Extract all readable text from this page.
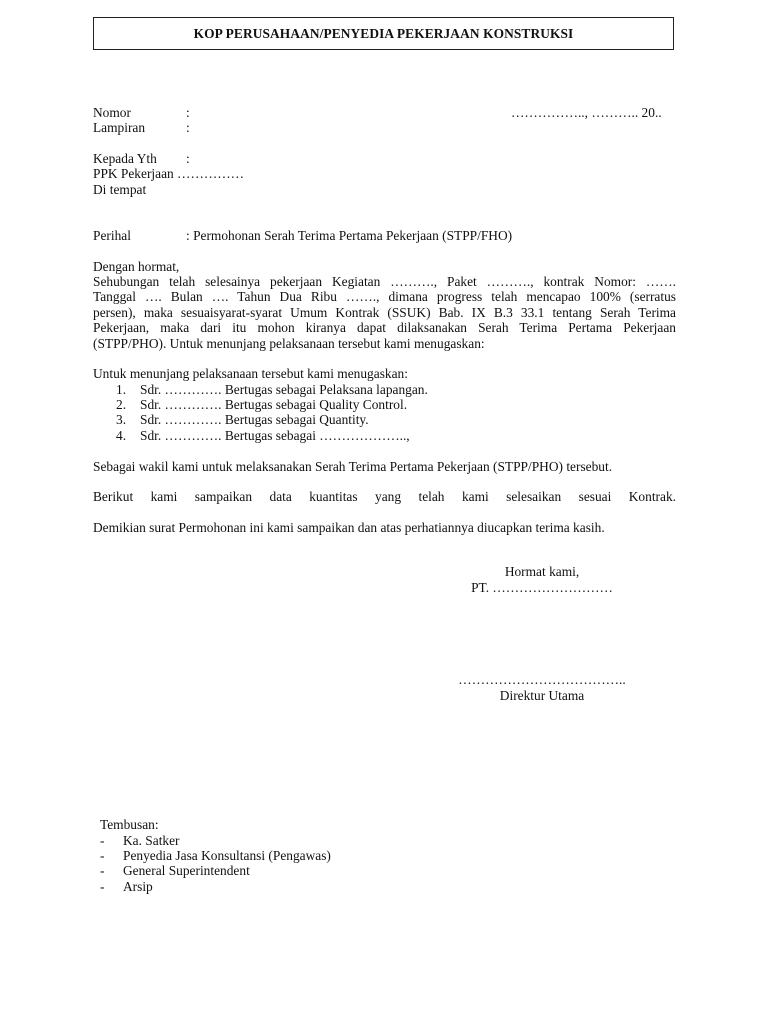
KOP PERUSAHAAN/PENYEDIA PEKERJAAN KONSTRUKSI
Nomor	:	…………….., ……….. 20..
Lampiran	:
Kepada Yth :
PPK Pekerjaan ……………
Di tempat
Perihal	: Permohonan Serah Terima Pertama Pekerjaan (STPP/FHO)
Dengan hormat,
Sehubungan telah selesainya pekerjaan Kegiatan ………., Paket ………., kontrak Nomor: …….
Tanggal …. Bulan …. Tahun Dua Ribu ……., dimana progress telah mencapao 100% (serratus
persen), maka sesuaisyarat-syarat Umum Kontrak (SSUK) Bab. IX B.3 33.1 tentang Serah Terima
Pekerjaan, maka dari itu mohon kiranya dapat dilaksanakan Serah Terima Pertama Pekerjaan
(STPP/PHO). Untuk menunjang pelaksanaan tersebut kami menugaskan:
Untuk menunjang pelaksanaan tersebut kami menugaskan:
1. Sdr. …………. Bertugas sebagai Pelaksana lapangan.
2. Sdr. …………. Bertugas sebagai Quality Control.
3. Sdr. …………. Bertugas sebagai Quantity.
4. Sdr. …………. Bertugas sebagai ………………..,
Sebagai wakil kami untuk melaksanakan Serah Terima Pertama Pekerjaan (STPP/PHO) tersebut.
Berikut kami sampaikan data kuantitas yang telah kami selesaikan sesuai Kontrak.
Demikian surat Permohonan ini kami sampaikan dan atas perhatiannya diucapkan terima kasih.
Hormat kami,
PT. ………………………
………………………………..
Direktur Utama
Tembusan:
- Ka. Satker
- Penyedia Jasa Konsultansi (Pengawas)
- General Superintendent
- Arsip
